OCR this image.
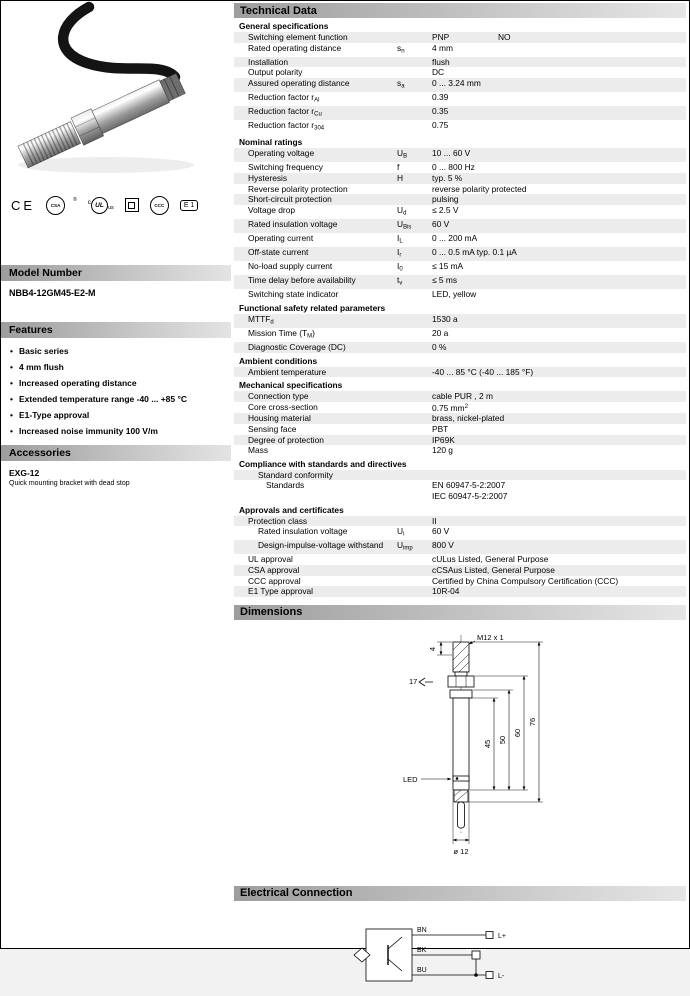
CE	CSA
® c UL us	CCC	E 1
Model Number
NBB4-12GM45-E2-M
Features
• Basic series
• 4 mm flush
• Increased operating distance
• Extended temperature range -40 ... +85 °C
• E1-Type approval
• Increased noise immunity 100 V/m
Accessories
EXG-12
Quick mounting bracket with dead stop
Technical Data
General specifications
Switching element function	PNP	NO
Rated operating distance	$s_n$	4 mm
Installation	flush
Output polarity	DC
Assured operating distance	$s_a$	0 ... 3.24 mm
Reduction factor $r_{Al}$	0.39
Reduction factor $r_{Cu}$	0.35
Reduction factor $r_{304}$	0.75
Nominal ratings
Operating voltage	$U_B$	10 ... 60 V
Switching frequency	f	0 ... 800 Hz
Hysteresis	H	typ. 5 %
Reverse polarity protection	reverse polarity protected
Short-circuit protection	pulsing
Voltage drop	$U_d$	≤ 2.5 V
Rated insulation voltage	$U_{Bis}$	60 V
Operating current	$I_L$	0 ... 200 mA
Off-state current	$I_r$	0 ... 0.5 mA typ. 0.1 µA
No-load supply current	$I_0$	≤ 15 mA
Time delay before availability	$t_v$	≤ 5 ms
Switching state indicator	LED, yellow
Functional safety related parameters
$MTTF_d$	1530 a
Mission Time $(T_M)$	20 a
Diagnostic Coverage (DC)	0 %
Ambient conditions
Ambient temperature	-40 ... 85 °C (-40 ... 185 °F)
Mechanical specifications
Connection type	cable PUR , 2 m
Core cross-section	0.75 $mm^2$
Housing material	brass, nickel-plated
Sensing face	PBT
Degree of protection	IP69K
Mass	120 g
Compliance with standards and directives
Standard conformity
Standards	EN 60947-5-2:2007
IEC 60947-5-2:2007
Approvals and certificates
Protection class	II
Rated insulation voltage	$U_i$	60 V
Design-impulse-voltage withstand	$U_{imp}$	800 V
UL approval	cULus Listed, General Purpose
CSA approval	cCSAus Listed, General Purpose
CCC approval	Certified by China Compulsory Certification (CCC)
E1 Type approval	10R-04
Dimensions
M12 x 1
4
17
45 50
60
76
LED
ø 12
Electrical Connection
BN
BK
BU
L+
L-
